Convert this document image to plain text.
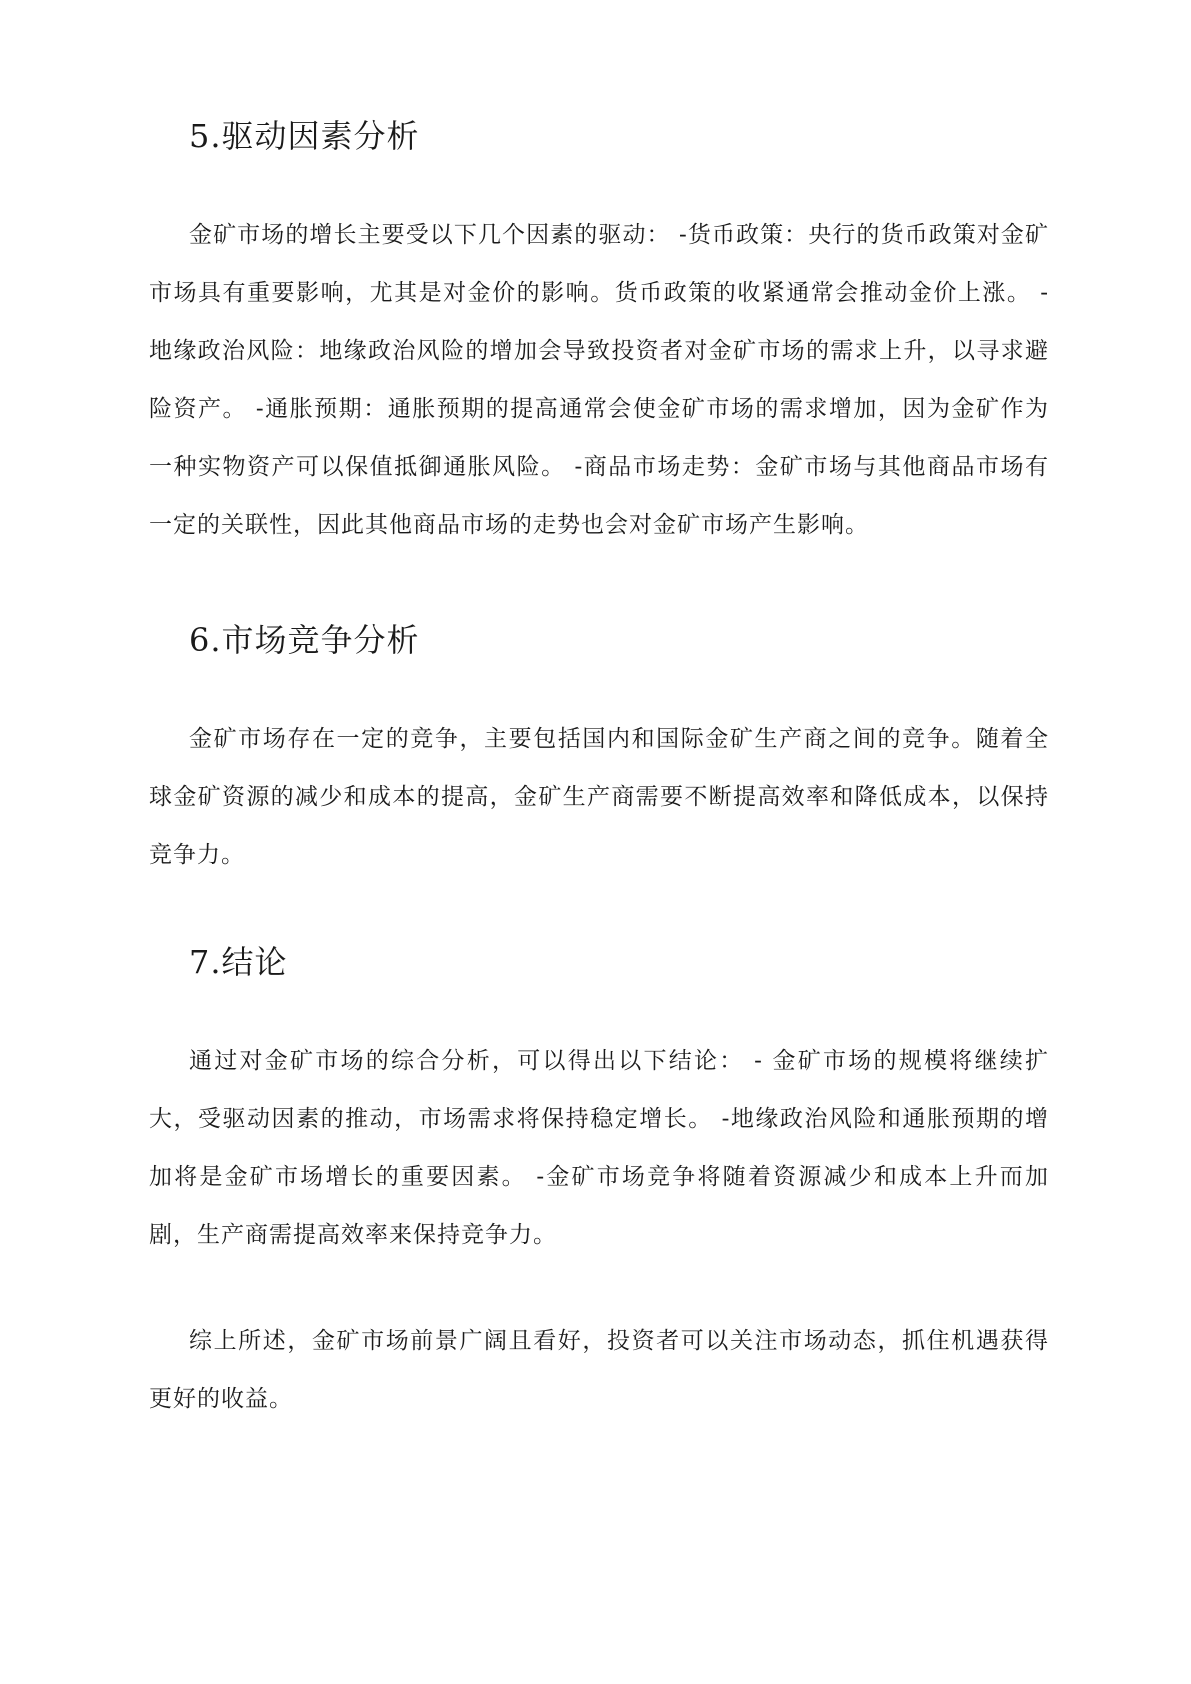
5.驱动因素分析

金矿市场的增长主要受以下几个因素的驱动： -货币政策：央行的货币政策对金矿市场具有重要影响，尤其是对金价的影响。货币政策的收紧通常会推动金价上涨。 -地缘政治风险：地缘政治风险的增加会导致投资者对金矿市场的需求上升，以寻求避险资产。 -通胀预期：通胀预期的提高通常会使金矿市场的需求增加，因为金矿作为一种实物资产可以保值抵御通胀风险。 -商品市场走势：金矿市场与其他商品市场有一定的关联性，因此其他商品市场的走势也会对金矿市场产生影响。

6.市场竞争分析

金矿市场存在一定的竞争，主要包括国内和国际金矿生产商之间的竞争。随着全球金矿资源的减少和成本的提高，金矿生产商需要不断提高效率和降低成本，以保持竞争力。

7.结论

通过对金矿市场的综合分析，可以得出以下结论： - 金矿市场的规模将继续扩大，受驱动因素的推动，市场需求将保持稳定增长。 -地缘政治风险和通胀预期的增加将是金矿市场增长的重要因素。 -金矿市场竞争将随着资源减少和成本上升而加剧，生产商需提高效率来保持竞争力。

综上所述，金矿市场前景广阔且看好，投资者可以关注市场动态，抓住机遇获得更好的收益。
